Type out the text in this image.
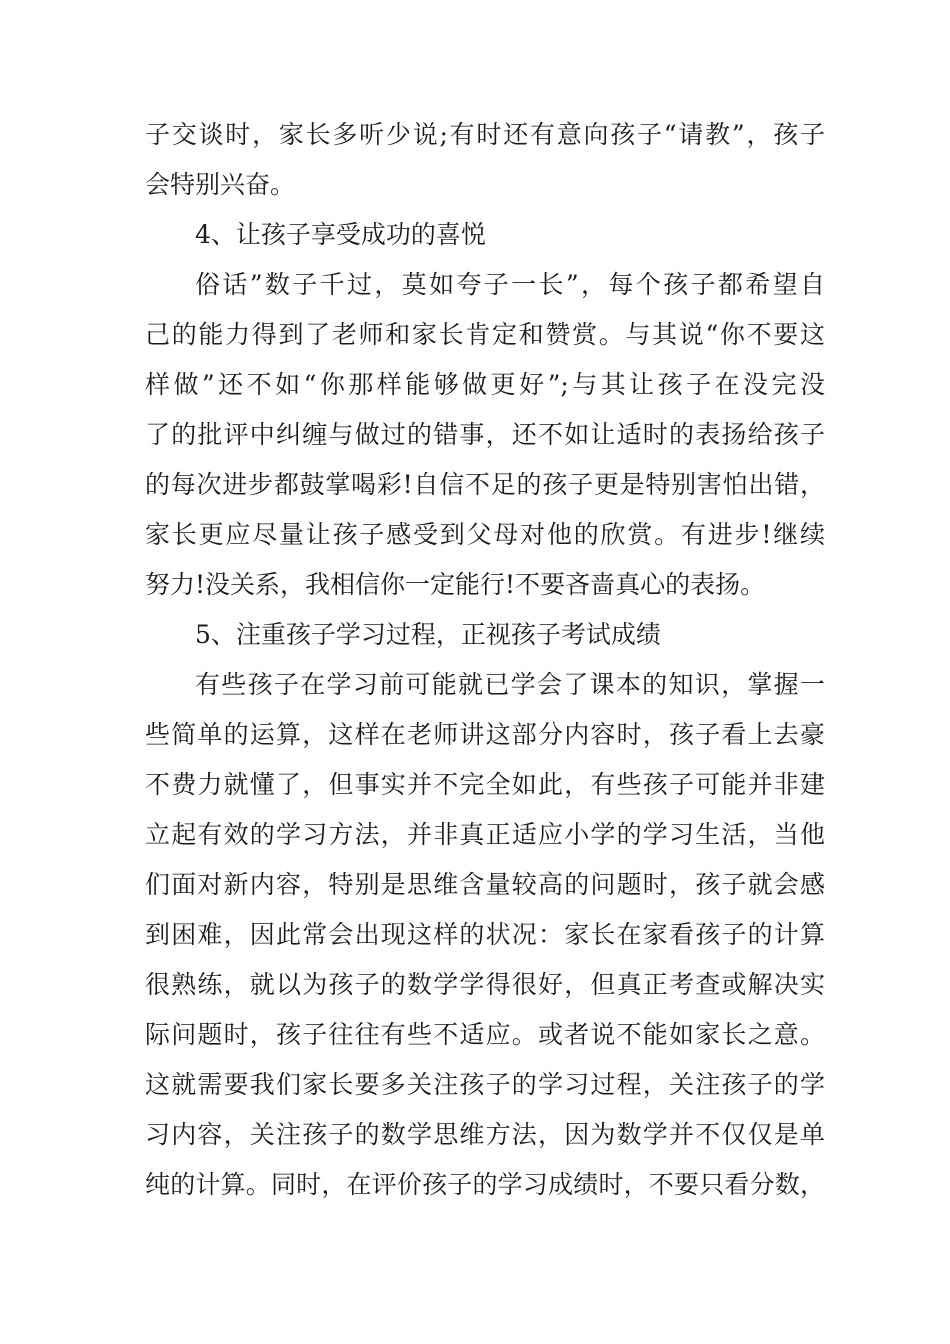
子交谈时，家长多听少说;有时还有意向孩子“请教”，孩子
会特别兴奋。
4、让孩子享受成功的喜悦
俗话”数子千过，莫如夸子一长”，每个孩子都希望自
己的能力得到了老师和家长肯定和赞赏。与其说“你不要这
样做”还不如“你那样能够做更好”;与其让孩子在没完没
了的批评中纠缠与做过的错事，还不如让适时的表扬给孩子
的每次进步都鼓掌喝彩!自信不足的孩子更是特别害怕出错，
家长更应尽量让孩子感受到父母对他的欣赏。有进步!继续
努力!没关系，我相信你一定能行!不要吝啬真心的表扬。
5、注重孩子学习过程，正视孩子考试成绩
有些孩子在学习前可能就已学会了课本的知识，掌握一
些简单的运算，这样在老师讲这部分内容时，孩子看上去豪
不费力就懂了，但事实并不完全如此，有些孩子可能并非建
立起有效的学习方法，并非真正适应小学的学习生活，当他
们面对新内容，特别是思维含量较高的问题时，孩子就会感
到困难，因此常会出现这样的状况：家长在家看孩子的计算
很熟练，就以为孩子的数学学得很好，但真正考查或解决实
际问题时，孩子往往有些不适应。或者说不能如家长之意。
这就需要我们家长要多关注孩子的学习过程，关注孩子的学
习内容，关注孩子的数学思维方法，因为数学并不仅仅是单
纯的计算。同时，在评价孩子的学习成绩时，不要只看分数，
